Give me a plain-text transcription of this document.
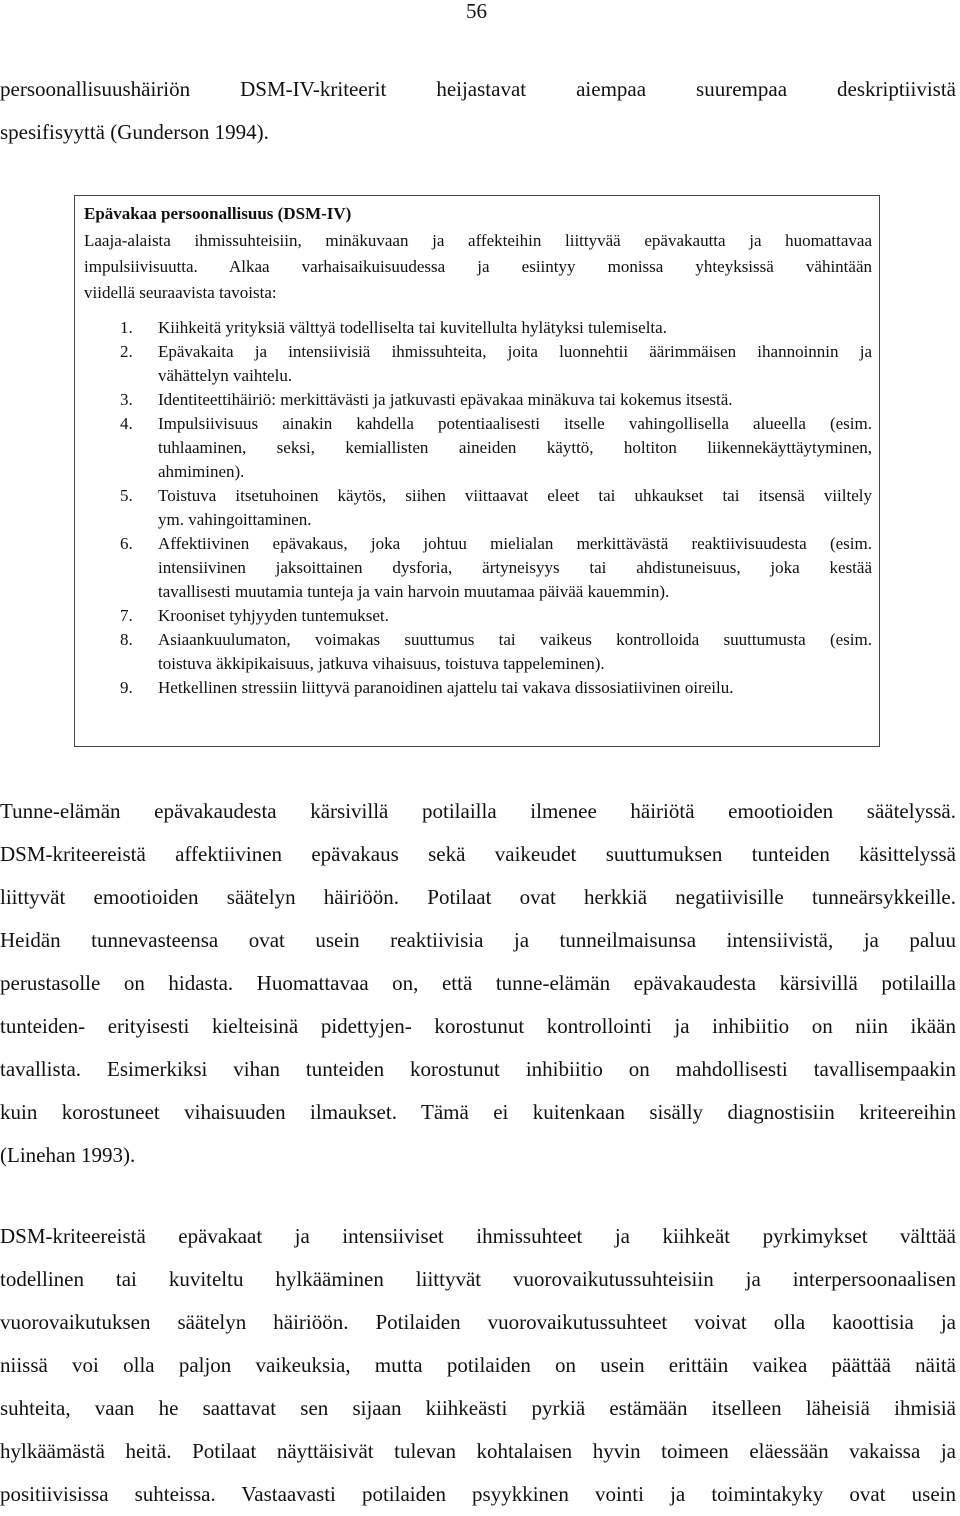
56
persoonallisuushäiriön DSM-IV-kriteerit heijastavat aiempaa suurempaa deskriptiivistä
spesifisyyttä (Gunderson 1994).
Epävakaa persoonallisuus (DSM-IV)
Laaja-alaista ihmissuhteisiin, minäkuvaan ja affekteihin liittyvää epävakautta ja huomattavaa
impulsiivisuutta. Alkaa varhaisaikuisuudessa ja esiintyy monissa yhteyksissä vähintään
viidellä seuraavista tavoista:
1. Kiihkeitä yrityksiä välttyä todelliselta tai kuvitellulta hylätyksi tulemiselta.
2. Epävakaita ja intensiivisiä ihmissuhteita, joita luonnehtii äärimmäisen ihannoinnin ja
vähättelyn vaihtelu.
3. Identiteettihäiriö: merkittävästi ja jatkuvasti epävakaa minäkuva tai kokemus itsestä.
4. Impulsiivisuus ainakin kahdella potentiaalisesti itselle vahingollisella alueella (esim.
tuhlaaminen, seksi, kemiallisten aineiden käyttö, holtiton liikennekäyttäytyminen,
ahmiminen).
5. Toistuva itsetuhoinen käytös, siihen viittaavat eleet tai uhkaukset tai itsensä viiltely
ym. vahingoittaminen.
6. Affektiivinen epävakaus, joka johtuu mielialan merkittävästä reaktiivisuudesta (esim.
intensiivinen jaksoittainen dysforia, ärtyneisyys tai ahdistuneisuus, joka kestää
tavallisesti muutamia tunteja ja vain harvoin muutamaa päivää kauemmin).
7. Krooniset tyhjyyden tuntemukset.
8. Asiaankuulumaton, voimakas suuttumus tai vaikeus kontrolloida suuttumusta (esim.
toistuva äkkipikaisuus, jatkuva vihaisuus, toistuva tappeleminen).
9. Hetkellinen stressiin liittyvä paranoidinen ajattelu tai vakava dissosiatiivinen oireilu.
Tunne-elämän epävakaudesta kärsivillä potilailla ilmenee häiriötä emootioiden säätelyssä.
DSM-kriteereistä affektiivinen epävakaus sekä vaikeudet suuttumuksen tunteiden käsittelyssä
liittyvät emootioiden säätelyn häiriöön. Potilaat ovat herkkiä negatiivisille tunneärsykkeille.
Heidän tunnevasteensa ovat usein reaktiivisia ja tunneilmaisunsa intensiivistä, ja paluu
perustasolle on hidasta. Huomattavaa on, että tunne-elämän epävakaudesta kärsivillä potilailla
tunteiden- erityisesti kielteisinä pidettyjen- korostunut kontrollointi ja inhibiitio on niin ikään
tavallista. Esimerkiksi vihan tunteiden korostunut inhibiitio on mahdollisesti tavallisempaakin
kuin korostuneet vihaisuuden ilmaukset. Tämä ei kuitenkaan sisälly diagnostisiin kriteereihin
(Linehan 1993).
DSM-kriteereistä epävakaat ja intensiiviset ihmissuhteet ja kiihkeät pyrkimykset välttää
todellinen tai kuviteltu hylkääminen liittyvät vuorovaikutussuhteisiin ja interpersoonaalisen
vuorovaikutuksen säätelyn häiriöön. Potilaiden vuorovaikutussuhteet voivat olla kaoottisia ja
niissä voi olla paljon vaikeuksia, mutta potilaiden on usein erittäin vaikea päättää näitä
suhteita, vaan he saattavat sen sijaan kiihkeästi pyrkiä estämään itselleen läheisiä ihmisiä
hylkäämästä heitä. Potilaat näyttäisivät tulevan kohtalaisen hyvin toimeen eläessään vakaissa ja
positiivisissa suhteissa. Vastaavasti potilaiden psyykkinen vointi ja toimintakyky ovat usein
